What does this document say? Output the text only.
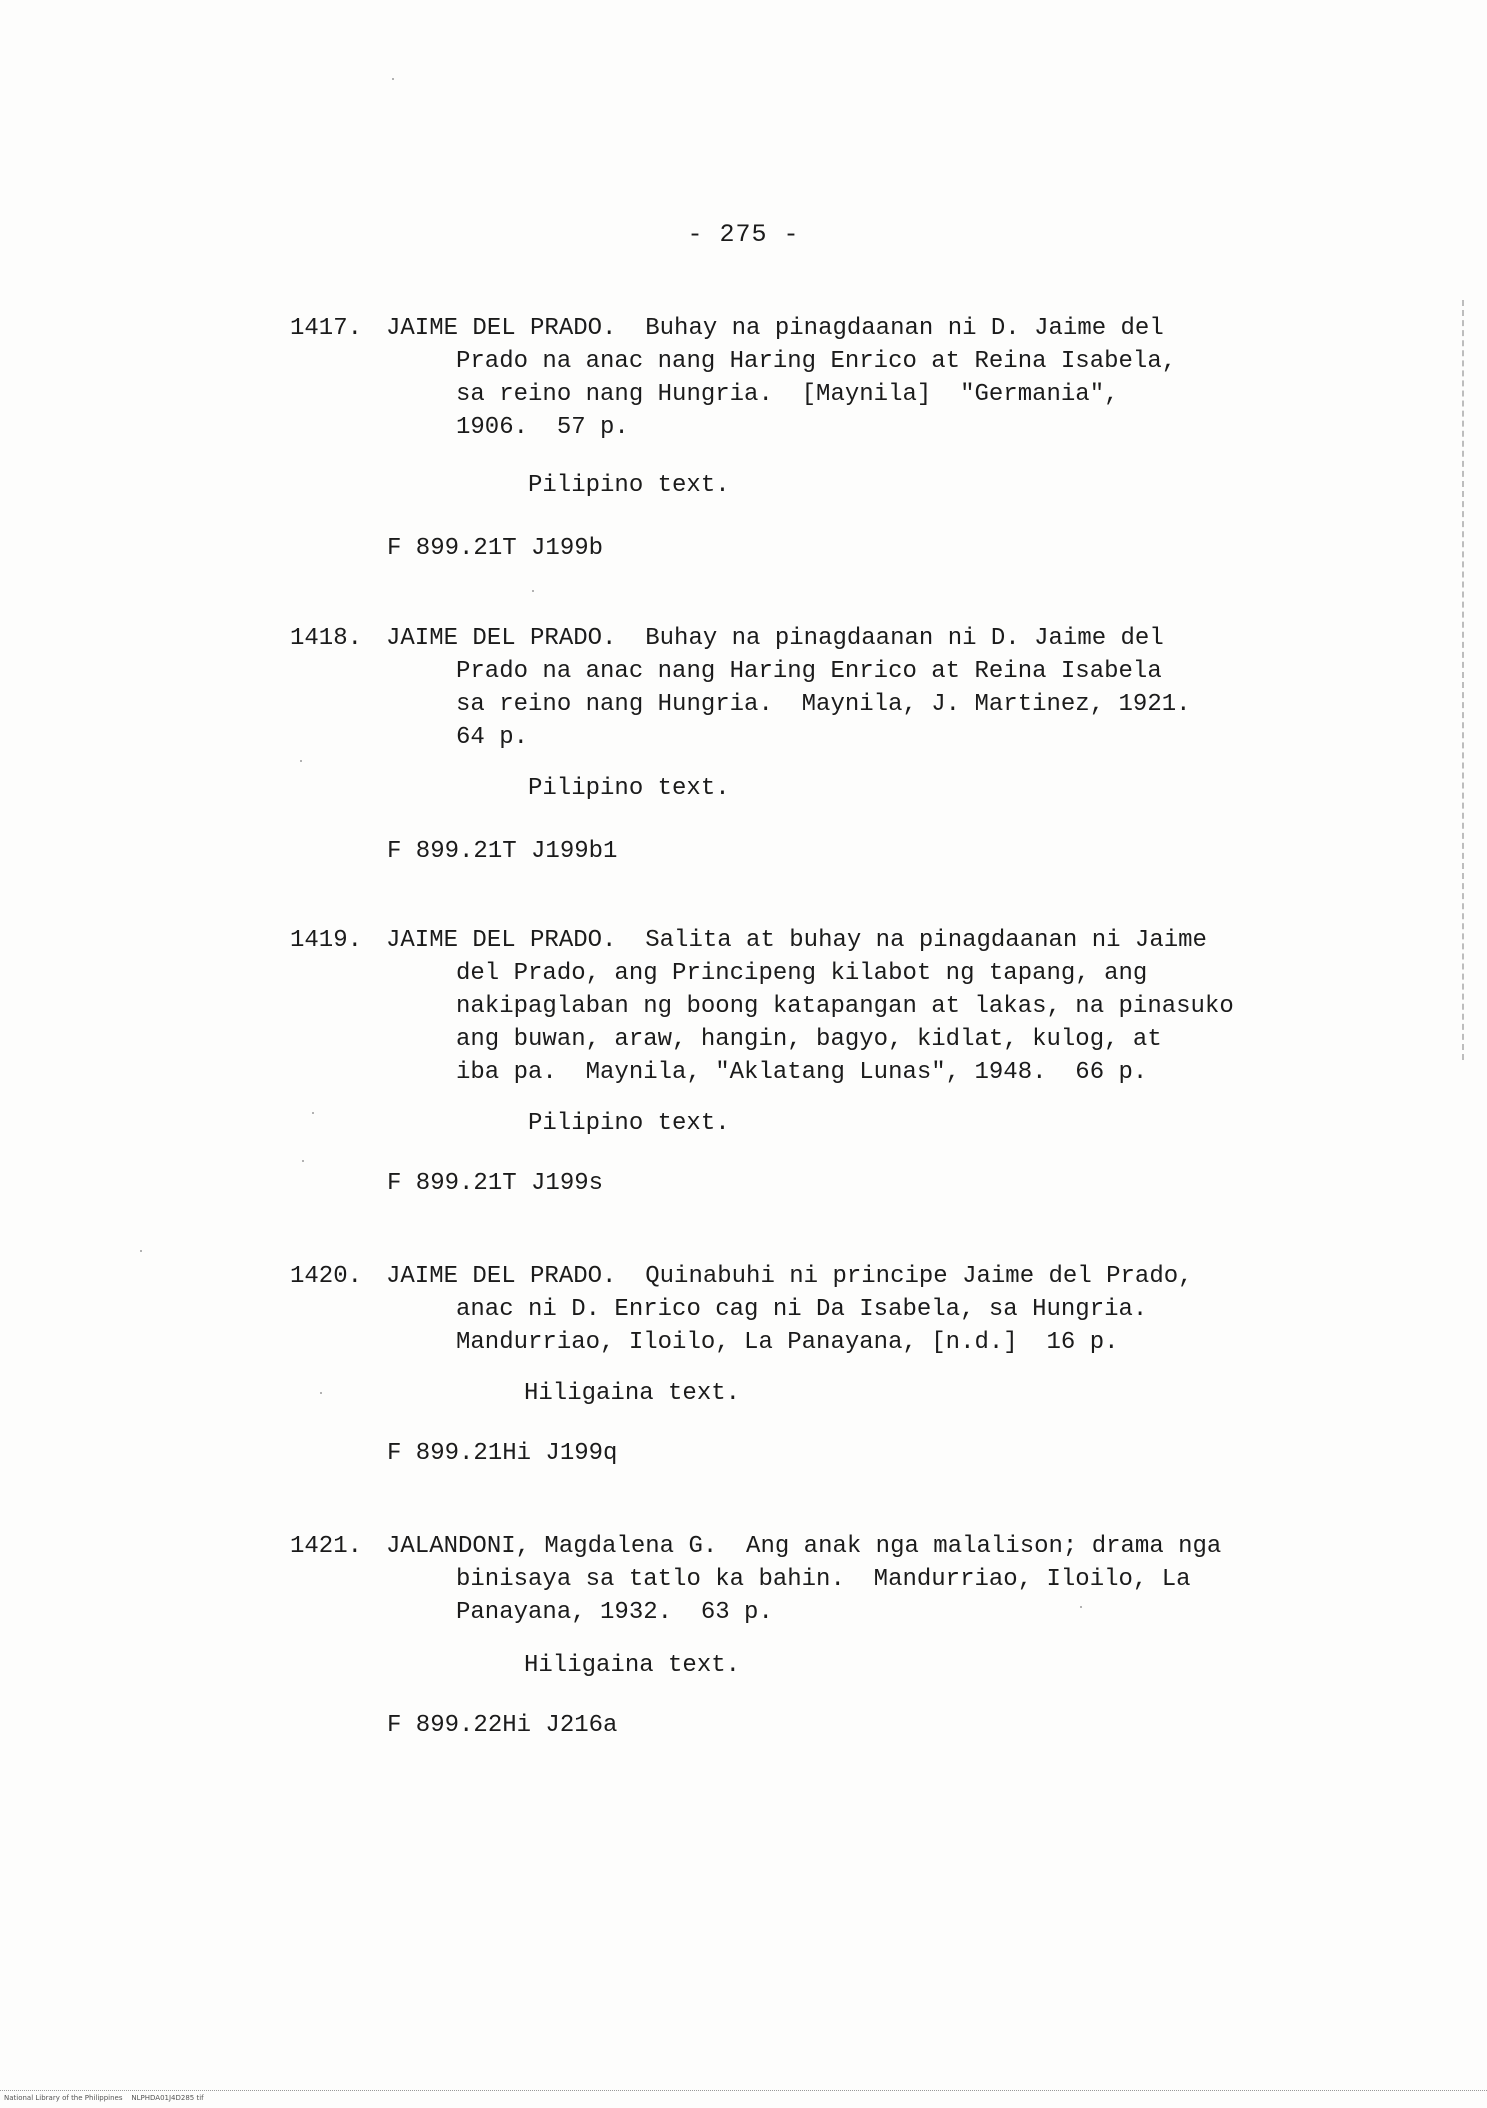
- 275 -
1417. JAIME DEL PRADO.  Buhay na pinagdaanan ni D. Jaime del
Prado na anac nang Haring Enrico at Reina Isabela,
sa reino nang Hungria.  [Maynila]  "Germania",
1906.  57 p.
Pilipino text.
F 899.21T J199b
1418. JAIME DEL PRADO.  Buhay na pinagdaanan ni D. Jaime del
Prado na anac nang Haring Enrico at Reina Isabela
sa reino nang Hungria.  Maynila, J. Martinez, 1921.
64 p.
Pilipino text.
F 899.21T J199b1
1419. JAIME DEL PRADO.  Salita at buhay na pinagdaanan ni Jaime
del Prado, ang Principeng kilabot ng tapang, ang
nakipaglaban ng boong katapangan at lakas, na pinasuko
ang buwan, araw, hangin, bagyo, kidlat, kulog, at
iba pa.  Maynila, "Aklatang Lunas", 1948.  66 p.
Pilipino text.
F 899.21T J199s
1420. JAIME DEL PRADO.  Quinabuhi ni principe Jaime del Prado,
anac ni D. Enrico cag ni Da Isabela, sa Hungria.
Mandurriao, Iloilo, La Panayana, [n.d.]  16 p.
Hiligaina text.
F 899.21Hi J199q
1421. JALANDONI, Magdalena G.  Ang anak nga malalison; drama nga
binisaya sa tatlo ka bahin.  Mandurriao, Iloilo, La
Panayana, 1932.  63 p.
Hiligaina text.
F 899.22Hi J216a
National Library of the Philippines    NLPHDA01J4D285 tif
